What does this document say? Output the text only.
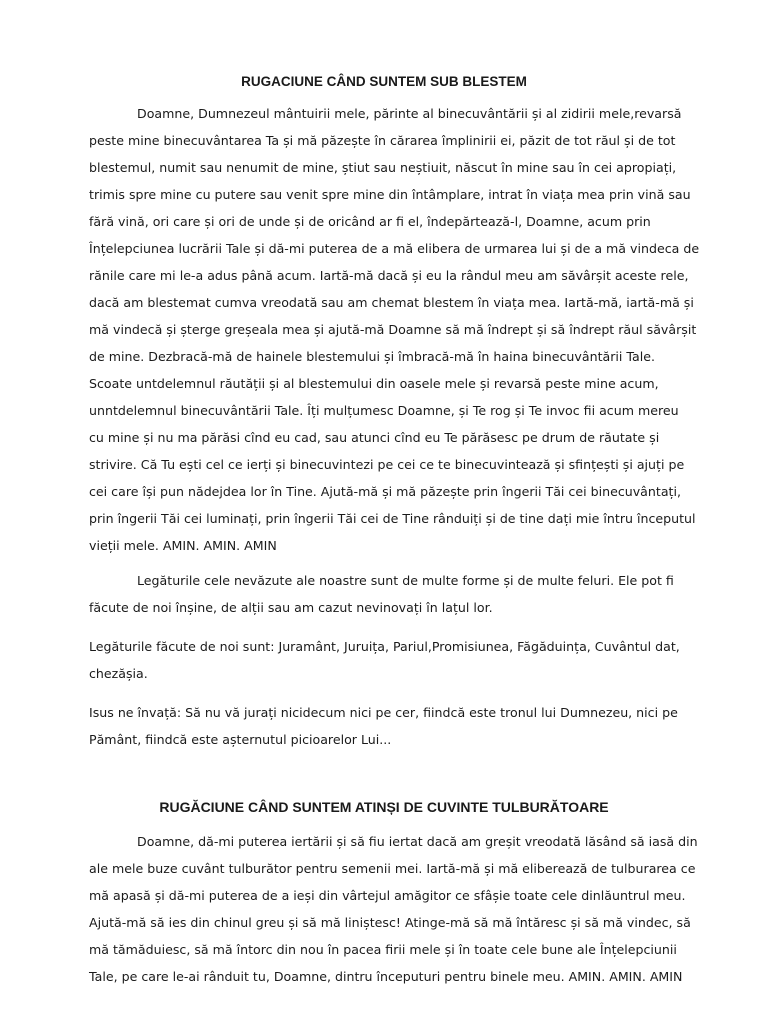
RUGACIUNE CÂND SUNTEM SUB BLESTEM
Doamne, Dumnezeul mântuirii mele, părinte al binecuvântării și al zidirii mele,revarsă
peste mine binecuvântarea Ta și mă păzește în cărarea împlinirii ei, păzit de tot răul și de tot
blestemul, numit sau nenumit de mine, știut sau neștiuit, născut în mine sau în cei apropiați,
trimis spre mine cu putere sau venit spre mine din întâmplare, intrat în viața mea prin vină sau
fără vină, ori care și ori de unde și de oricând ar fi el, îndepărtează-l, Doamne, acum prin
Înțelepciunea lucrării Tale și dă-mi puterea de a mă elibera de urmarea lui și de a mă vindeca de
rănile care mi le-a adus până acum. Iartă-mă dacă și eu la rândul meu am săvârșit aceste rele,
dacă am blestemat cumva vreodată sau am chemat blestem în viața mea. Iartă-mă, iartă-mă și
mă vindecă și șterge greșeala mea și ajută-mă Doamne să mă îndrept și să îndrept răul săvârșit
de mine. Dezbracă-mă de hainele blestemului și îmbracă-mă în haina binecuvântării Tale.
Scoate untdelemnul răutății și al blestemului din oasele mele și revarsă peste mine acum,
unntdelemnul binecuvântării Tale. Îți mulțumesc Doamne, și Te rog și Te invoc fii acum mereu
cu mine și nu ma părăsi cînd eu cad, sau atunci cînd eu Te părăsesc pe drum de răutate și
strivire. Că Tu ești cel ce ierți și binecuvintezi pe cei ce te binecuvintează și sfințești și ajuți pe
cei care își pun nădejdea lor în Tine. Ajută-mă și mă păzește prin îngerii Tăi cei binecuvântați,
prin îngerii Tăi cei luminați, prin îngerii Tăi cei de Tine rânduiți și de tine dați mie întru începutul
vieții mele. AMIN. AMIN. AMIN
Legăturile cele nevăzute ale noastre sunt de multe forme și de multe feluri. Ele pot fi
făcute de noi înșine, de alții sau am cazut nevinovați în lațul lor.
Legăturile făcute de noi sunt: Juramânt, Juruița, Pariul,Promisiunea, Făgăduința, Cuvântul dat,
chezășia.
Isus ne învață: Să nu vă jurați nicidecum nici pe cer, fiindcă este tronul lui Dumnezeu, nici pe
Pământ, fiindcă este așternutul picioarelor Lui...
RUGĂCIUNE CÂND SUNTEM ATINȘI DE CUVINTE TULBURĂTOARE
Doamne, dă-mi puterea iertării și să fiu iertat dacă am greșit vreodată lăsând să iasă din
ale mele buze cuvânt tulburător pentru semenii mei. Iartă-mă și mă eliberează de tulburarea ce
mă apasă și dă-mi puterea de a ieși din vârtejul amăgitor ce sfâșie toate cele dinlăuntrul meu.
Ajută-mă să ies din chinul greu și să mă liniștesc! Atinge-mă să mă întăresc și să mă vindec, să
mă tămăduiesc, să mă întorc din nou în pacea firii mele și în toate cele bune ale Înțelepciunii
Tale, pe care le-ai rânduit tu, Doamne, dintru începuturi pentru binele meu. AMIN. AMIN. AMIN
